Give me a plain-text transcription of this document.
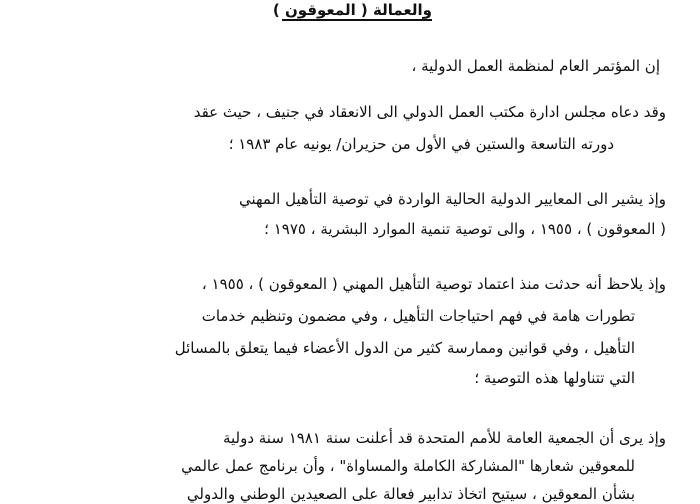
والعمالة ( المعوقون )
إن المؤتمر العام لمنظمة العمل الدولية ،
وقد دعاه مجلس ادارة مكتب العمل الدولي الى الانعقاد في جنيف ، حيث عقد
دورته التاسعة والستين في الأول من حزيران/ يونيه عام ١٩٨٣ ؛
وإذ يشير الى المعايير الدولية الحالية الواردة في توصية التأهيل المهني
( المعوقون ) ، ١٩٥٥ ، والى توصية تنمية الموارد البشرية ، ١٩٧٥ ؛
وإذ يلاحظ أنه حدثت منذ اعتماد توصية التأهيل المهني ( المعوقون ) ، ١٩٥٥ ،
تطورات هامة في فهم احتياجات التأهيل ، وفي مضمون وتنظيم خدمات
التأهيل ، وفي قوانين وممارسة كثير من الدول الأعضاء فيما يتعلق بالمسائل
التي تتناولها هذه التوصية ؛
وإذ يرى أن الجمعية العامة للأمم المتحدة قد أعلنت سنة ١٩٨١ سنة دولية
للمعوقين شعارها "المشاركة الكاملة والمساواة" ، وأن برنامج عمل عالمي
بشأن المعوقين ، سيتيح اتخاذ تدابير فعالة على الصعيدين الوطني والدولي
